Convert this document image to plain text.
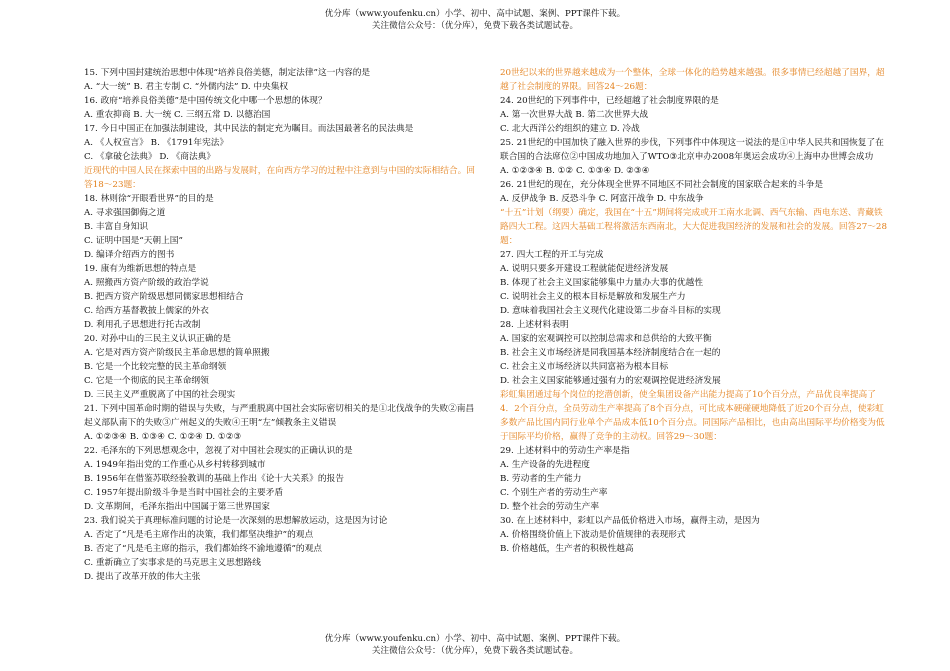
优分库（www.youfenku.cn）小学、初中、高中试题、案例、PPT课件下载。
关注微信公众号：（优分库），免费下载各类试题试卷。
15. 下列中国封建统治思想中体现“培养良俗美德，制定法律”这一内容的是
A. “大一统” B. 君主专制 C. “外儒内法” D. 中央集权
16. 政府“培养良俗美德”是中国传统文化中哪一个思想的体现？
A. 重农抑商 B. 大一统 C. 三纲五常 D. 以德治国
17. 今日中国正在加强法制建设，其中民法的制定充为瞩目。而法国最著名的民法典是
A. 《人权宣言》 B. 《1791年宪法》
C. 《拿破仑法典》 D. 《商法典》
近现代的中国人民在探索中国的出路与发展时，在向西方学习的过程中注意到与中国的实际相结合。回答18～23题：
18. 林则徐“开眼看世界”的目的是
A. 寻求强国御侮之道
B. 丰富自身知识
C. 证明中国是“天朝上国”
D. 编译介绍西方的图书
19. 康有为维新思想的特点是
A. 照搬西方资产阶级的政治学说
B. 把西方资产阶级思想同儒家思想相结合
C. 给西方基督教披上儒家的外衣
D. 利用孔子思想进行托古改制
20. 对孙中山的三民主义认识正确的是
A. 它是对西方资产阶级民主革命思想的简单照搬
B. 它是一个比较完整的民主革命纲领
C. 它是一个彻底的民主革命纲领
D. 三民主义严重脱离了中国的社会现实
21. 下列中国革命时期的错误与失败，与严重脱离中国社会实际密切相关的是①北伐战争的失败②南昌起义部队南下的失败③广州起义的失败④王明“左”倾教条主义错误
A. ①②③④ B. ①③④ C. ①②④ D. ①②③
22. 毛泽东的下列思想观念中，忽视了对中国社会现实的正确认识的是
A. 1949年指出党的工作重心从乡村转移到城市
B. 1956年在借鉴苏联经验教训的基础上作出《论十大关系》的报告
C. 1957年提出阶级斗争是当时中国社会的主要矛盾
D. 文革期间，毛泽东指出中国属于第三世界国家
23. 我们说关于真理标准问题的讨论是一次深刻的思想解放运动，这是因为讨论
A. 否定了“凡是毛主席作出的决策，我们都坚决维护”的观点
B. 否定了“凡是毛主席的指示，我们都始终不渝地遵循”的观点
C. 重新确立了实事求是的马克思主义思想路线
D. 提出了改革开放的伟大主张
20世纪以来的世界越来越成为一个整体，全球一体化的趋势越来越强。很多事情已经超越了国界，超越了社会制度的界限。回答24～26题：
24. 20世纪的下列事件中，已经超越了社会制度界限的是
A. 第一次世界大战 B. 第二次世界大战
C. 北大西洋公约组织的建立 D. 冷战
25. 21世纪的中国加快了融入世界的步伐，下列事件中体现这一说法的是①中华人民共和国恢复了在联合国的合法席位②中国成功地加入了WTO③北京申办2008年奥运会成功④上海申办世博会成功
A. ①②③④ B. ①② C. ①③④ D. ②③④
26. 21世纪的现在，充分体现全世界不同地区不同社会制度的国家联合起来的斗争是
A. 反伊战争 B. 反恐斗争 C. 阿富汗战争 D. 中东战争
“十五”计划（纲要）确定，我国在“十五”期间将完成或开工南水北调、西气东输、西电东送、青藏铁路四大工程。这四大基础工程将激活东西南北，大大促进我国经济的发展和社会的发展。回答27～28题：
27. 四大工程的开工与完成
A. 说明只要多开建设工程就能促进经济发展
B. 体现了社会主义国家能够集中力量办大事的优越性
C. 说明社会主义的根本目标是解放和发展生产力
D. 意味着我国社会主义现代化建设第二步奋斗目标的实现
28. 上述材料表明
A. 国家的宏观调控可以控制总需求和总供给的大致平衡
B. 社会主义市场经济是同我国基本经济制度结合在一起的
C. 社会主义市场经济以共同富裕为根本目标
D. 社会主义国家能够通过强有力的宏观调控促进经济发展
彩虹集团通过每个岗位的挖潜创新，使全集团设备产出能力提高了10个百分点，产品优良率提高了4．2个百分点，全员劳动生产率提高了8个百分点，可比成本硬碰硬地降低了近20个百分点，使彩虹多数产品比国内同行业单个产品成本低10个百分点。同国际产品相比，也由高出国际平均价格变为低于国际平均价格，赢得了竞争的主动权。回答29～30题：
29. 上述材料中的劳动生产率是指
A. 生产设备的先进程度
B. 劳动者的生产能力
C. 个别生产者的劳动生产率
D. 整个社会的劳动生产率
30. 在上述材料中，彩虹以产品低价格进入市场，赢得主动，是因为
A. 价格围绕价值上下波动是价值规律的表现形式
B. 价格越低，生产者的积极性越高
优分库（www.youfenku.cn）小学、初中、高中试题、案例、PPT课件下载。
关注微信公众号：（优分库），免费下载各类试题试卷。
